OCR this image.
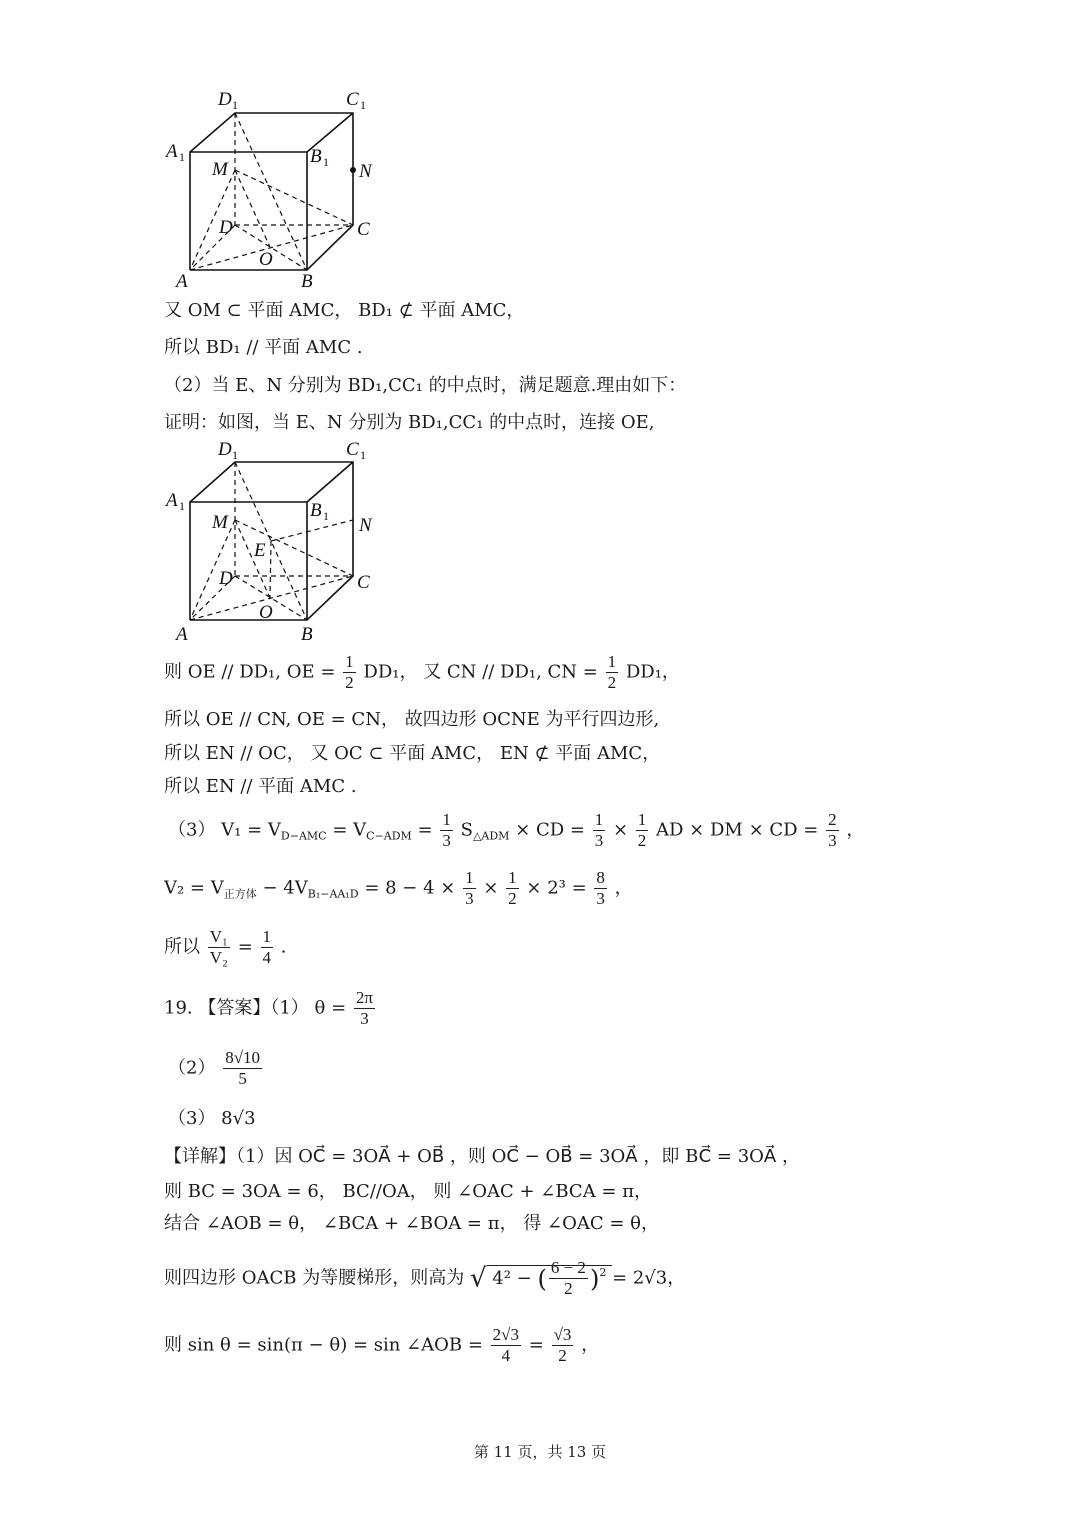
D 1	C 1
A 1	B 1
M	N
D	C
O
A	B
又 OM ⊂ 平面 AMC， BD₁ ⊄ 平面 AMC，
所以 BD₁ // 平面 AMC .
（2）当 E、N 分别为 BD₁,CC₁ 的中点时，满足题意.理由如下：
证明：如图，当 E、N 分别为 BD₁,CC₁ 的中点时，连接 OE,
D 1	C 1
A 1	B 1
M	N
E
D	C
O
A	B
则 OE // DD₁, OE = $\frac{1}{2} DD_1$， 又 CN // DD₁, CN = $\frac{1}{2} DD_1$，
所以 OE // CN, OE = CN， 故四边形 OCNE 为平行四边形,
所以 EN // OC， 又 OC ⊂ 平面 AMC， EN ⊄ 平面 AMC，
所以 EN // 平面 AMC .
（3） $V_1 = V_{D-AMC} = V_{C-ADM} = \frac{1}{3} S_{\triangle ADM}$ × CD = $\frac{1}{3} \times \frac{1}{2}$ AD × DM × CD = $\frac{2}{3}$ ，
$V_2 = V_{正方体} - 4V_{B_1-AA_1D} = 8 - 4 \times \frac{1}{3} \times \frac{1}{2} \times 2^3 = \frac{8}{3}$ ，
所以 $\frac{\text{V₁}}{\text{V₂}} = \frac{1}{4}$ .
19. 【答案】（1） $\theta = \frac{2\pi}{3}$
$(2) \frac{8√10}{5}$
（3） 8√3
【详解】（1）因 OC⃗ = 3OA⃗ + OB⃗ ，则 OC⃗ − OB⃗ = 3OA⃗ ，即 BC⃗ = 3OA⃗ ，
则 BC = 3OA = 6， BC//OA， 则 ∠OAC + ∠BCA = π，
结合 ∠AOB = θ， ∠BCA + ∠BOA = π， 得 ∠OAC = θ，
则四边形 OACB 为等腰梯形，则高为 √ 4² − ( $\frac{6 - 2}{2} )^2 = 2√3$，
则 sin θ = sin(π − θ) = sin ∠AOB = $\frac{2√3}{4} = \frac{√3}{2}$ ，
第 11 页，共 13 页
